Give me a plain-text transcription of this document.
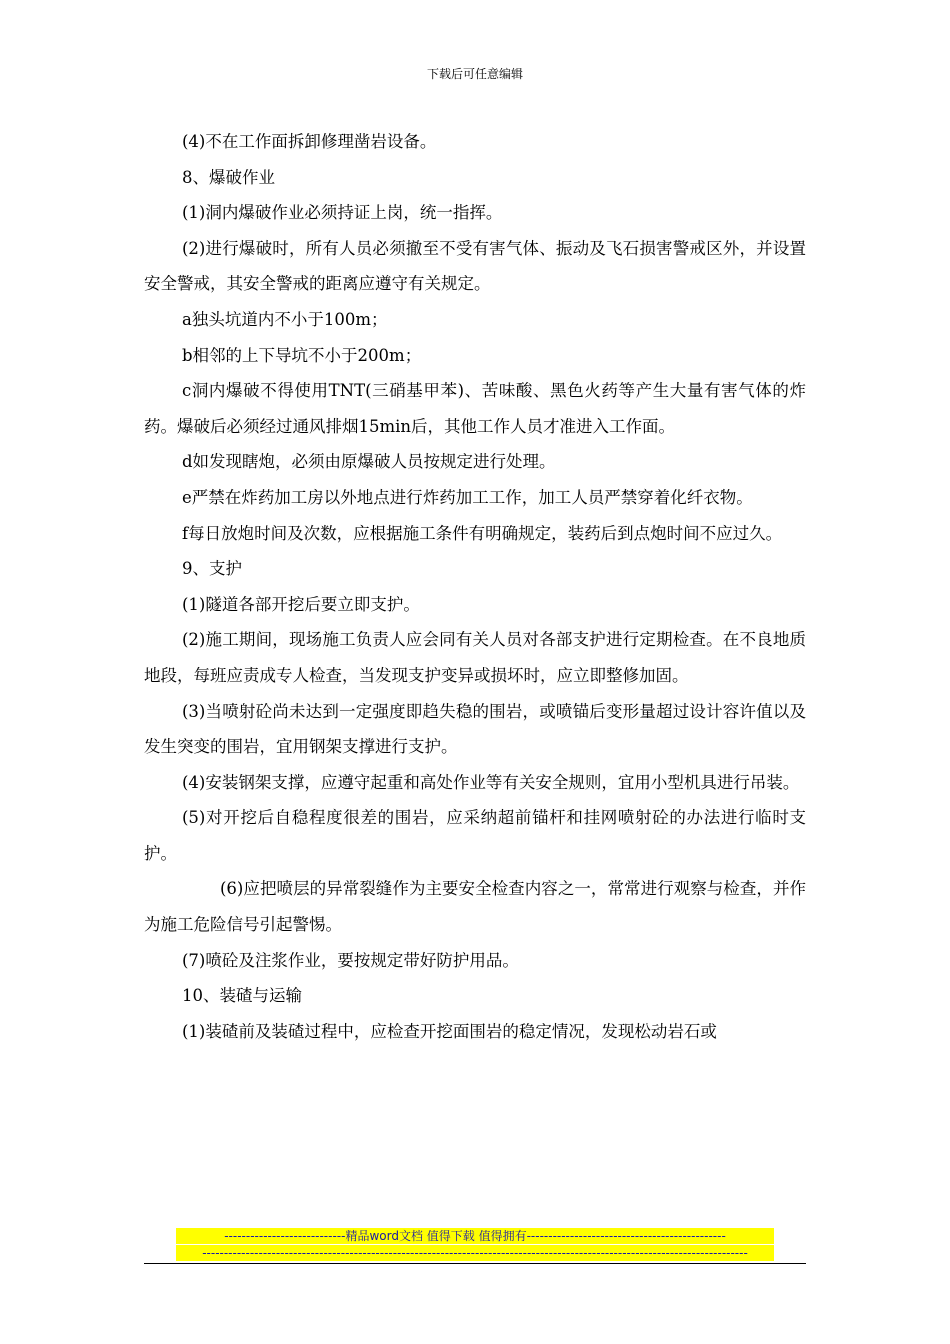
下载后可任意编辑

(4)不在工作面拆卸修理凿岩设备。

8、爆破作业

(1)洞内爆破作业必须持证上岗，统一指挥。

(2)进行爆破时，所有人员必须撤至不受有害气体、振动及飞石损害警戒区外，并设置安全警戒，其安全警戒的距离应遵守有关规定。

a独头坑道内不小于100m；

b相邻的上下导坑不小于200m；

c洞内爆破不得使用TNT(三硝基甲苯)、苦味酸、黑色火药等产生大量有害气体的炸药。爆破后必须经过通风排烟15min后，其他工作人员才准进入工作面。

d如发现瞎炮，必须由原爆破人员按规定进行处理。

e严禁在炸药加工房以外地点进行炸药加工工作，加工人员严禁穿着化纤衣物。

f每日放炮时间及次数，应根据施工条件有明确规定，装药后到点炮时间不应过久。

9、支护

(1)隧道各部开挖后要立即支护。

(2)施工期间，现场施工负责人应会同有关人员对各部支护进行定期检查。在不良地质地段，每班应责成专人检查，当发现支护变异或损坏时，应立即整修加固。

(3)当喷射砼尚未达到一定强度即趋失稳的围岩，或喷锚后变形量超过设计容许值以及发生突变的围岩，宜用钢架支撑进行支护。

(4)安装钢架支撑，应遵守起重和高处作业等有关安全规则，宜用小型机具进行吊装。

(5)对开挖后自稳程度很差的围岩，应采纳超前锚杆和挂网喷射砼的办法进行临时支护。

(6)应把喷层的异常裂缝作为主要安全检查内容之一，常常进行观察与检查，并作为施工危险信号引起警惕。

(7)喷砼及注浆作业，要按规定带好防护用品。

10、装碴与运输

(1)装碴前及装碴过程中，应检查开挖面围岩的稳定情况，发现松动岩石或

----------------------------精品word文档 值得下载 值得拥有----------------------------------------------
------------------------------------------------------------------------------------------------------------------------------
